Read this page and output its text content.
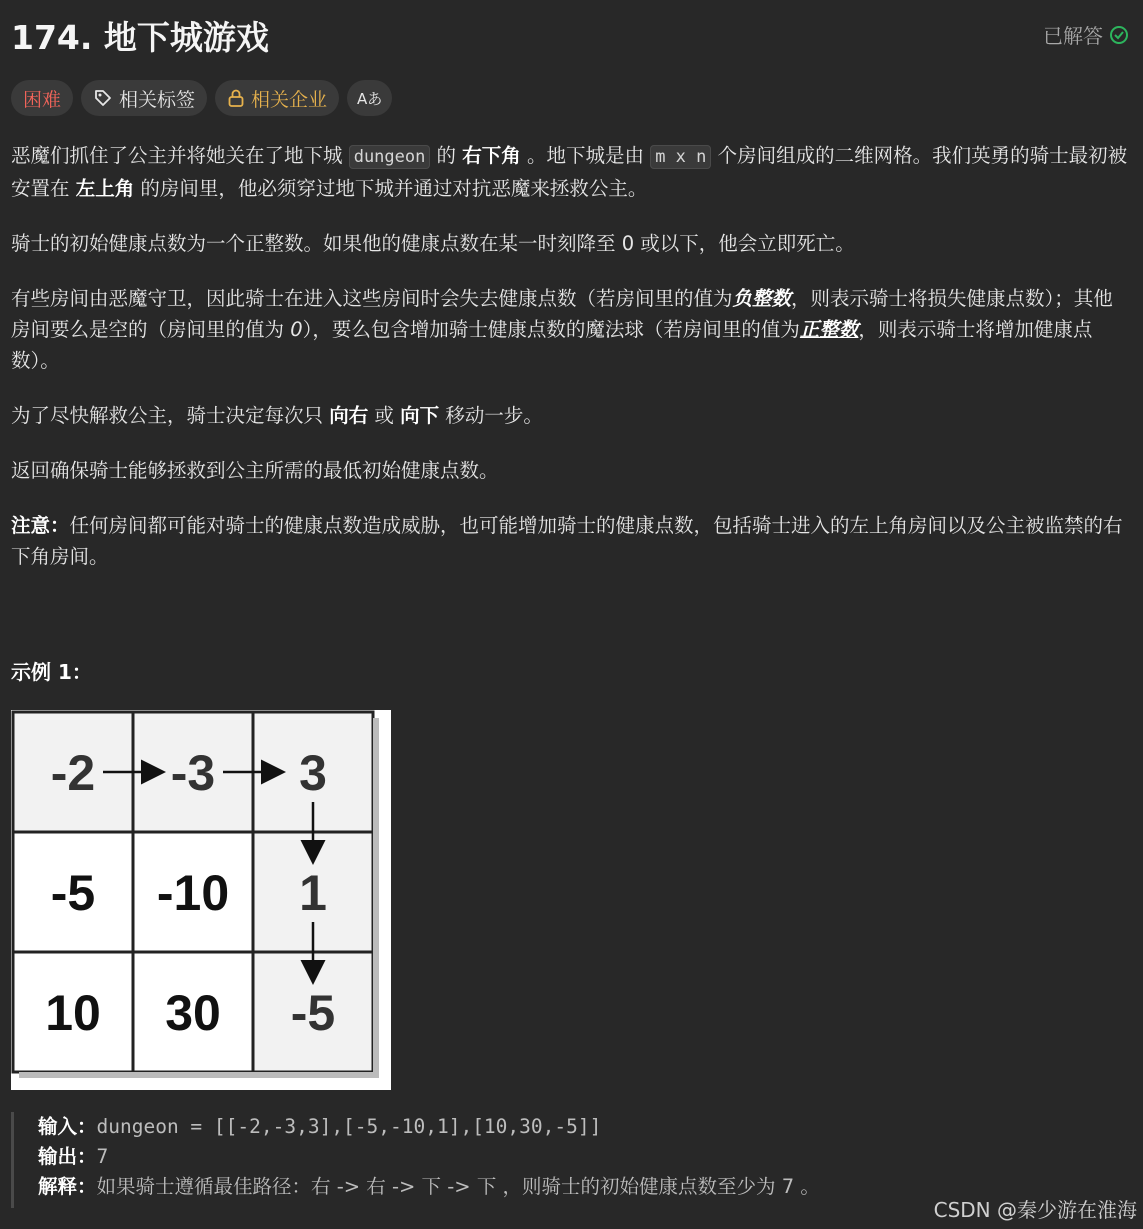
174. 地下城游戏	已解答
困难	相关标签	相关企业 Aあ

恶魔们抓住了公主并将她关在了地下城 dungeon 的 右下角 。地下城是由 m x n 个房间组成的二维网格。我们英勇的骑士最初被安置在 左上角 的房间里，他必须穿过地下城并通过对抗恶魔来拯救公主。

骑士的初始健康点数为一个正整数。如果他的健康点数在某一时刻降至 0 或以下，他会立即死亡。

有些房间由恶魔守卫，因此骑士在进入这些房间时会失去健康点数（若房间里的值为负整数，则表示骑士将损失健康点数）；其他房间要么是空的（房间里的值为 0），要么包含增加骑士健康点数的魔法球（若房间里的值为正整数，则表示骑士将增加健康点数）。

为了尽快解救公主，骑士决定每次只 向右 或 向下 移动一步。

返回确保骑士能够拯救到公主所需的最低初始健康点数。

注意：任何房间都可能对骑士的健康点数造成威胁，也可能增加骑士的健康点数，包括骑士进入的左上角房间以及公主被监禁的右下角房间。

示例 1：
-2 -3 3
-5 -10 1
10 30 -5
输入：dungeon = [[-2,-3,3],[-5,-10,1],[10,30,-5]]
输出：7
解释：如果骑士遵循最佳路径：右 -> 右 -> 下 -> 下 ，则骑士的初始健康点数至少为 7 。
CSDN @秦少游在淮海
